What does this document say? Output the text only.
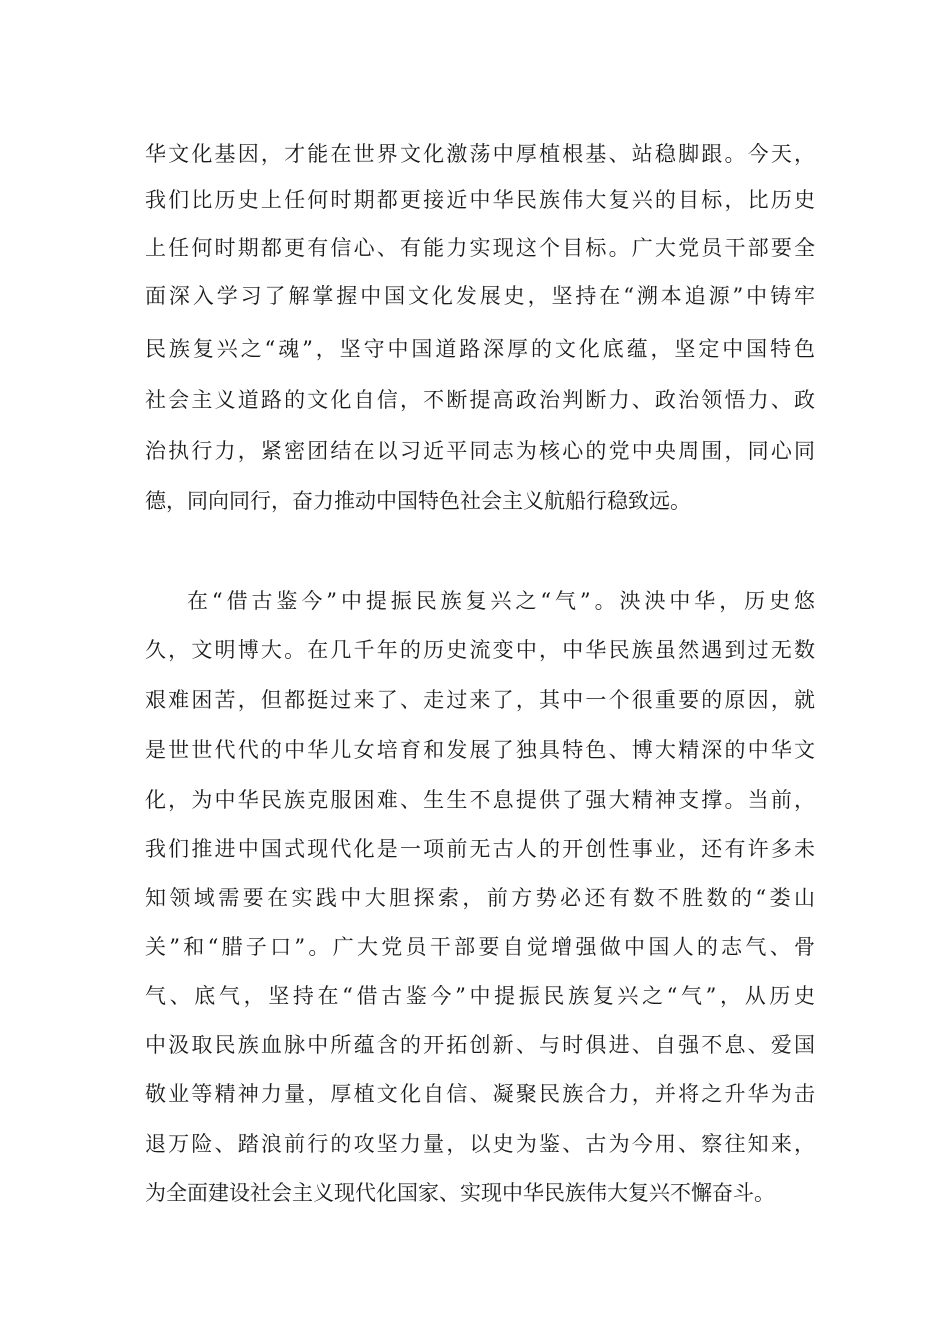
华文化基因，才能在世界文化激荡中厚植根基、站稳脚跟。今天，
我们比历史上任何时期都更接近中华民族伟大复兴的目标，比历史
上任何时期都更有信心、有能力实现这个目标。广大党员干部要全
面深入学习了解掌握中国文化发展史，坚持在“溯本追源”中铸牢
民族复兴之“魂”，坚守中国道路深厚的文化底蕴，坚定中国特色
社会主义道路的文化自信，不断提高政治判断力、政治领悟力、政
治执行力，紧密团结在以习近平同志为核心的党中央周围，同心同
德，同向同行，奋力推动中国特色社会主义航船行稳致远。
在“借古鉴今”中提振民族复兴之“气”。泱泱中华，历史悠
久，文明博大。在几千年的历史流变中，中华民族虽然遇到过无数
艰难困苦，但都挺过来了、走过来了，其中一个很重要的原因，就
是世世代代的中华儿女培育和发展了独具特色、博大精深的中华文
化，为中华民族克服困难、生生不息提供了强大精神支撑。当前，
我们推进中国式现代化是一项前无古人的开创性事业，还有许多未
知领域需要在实践中大胆探索，前方势必还有数不胜数的“娄山
关”和“腊子口”。广大党员干部要自觉增强做中国人的志气、骨
气、底气，坚持在“借古鉴今”中提振民族复兴之“气”，从历史
中汲取民族血脉中所蕴含的开拓创新、与时俱进、自强不息、爱国
敬业等精神力量，厚植文化自信、凝聚民族合力，并将之升华为击
退万险、踏浪前行的攻坚力量，以史为鉴、古为今用、察往知来，
为全面建设社会主义现代化国家、实现中华民族伟大复兴不懈奋斗。
